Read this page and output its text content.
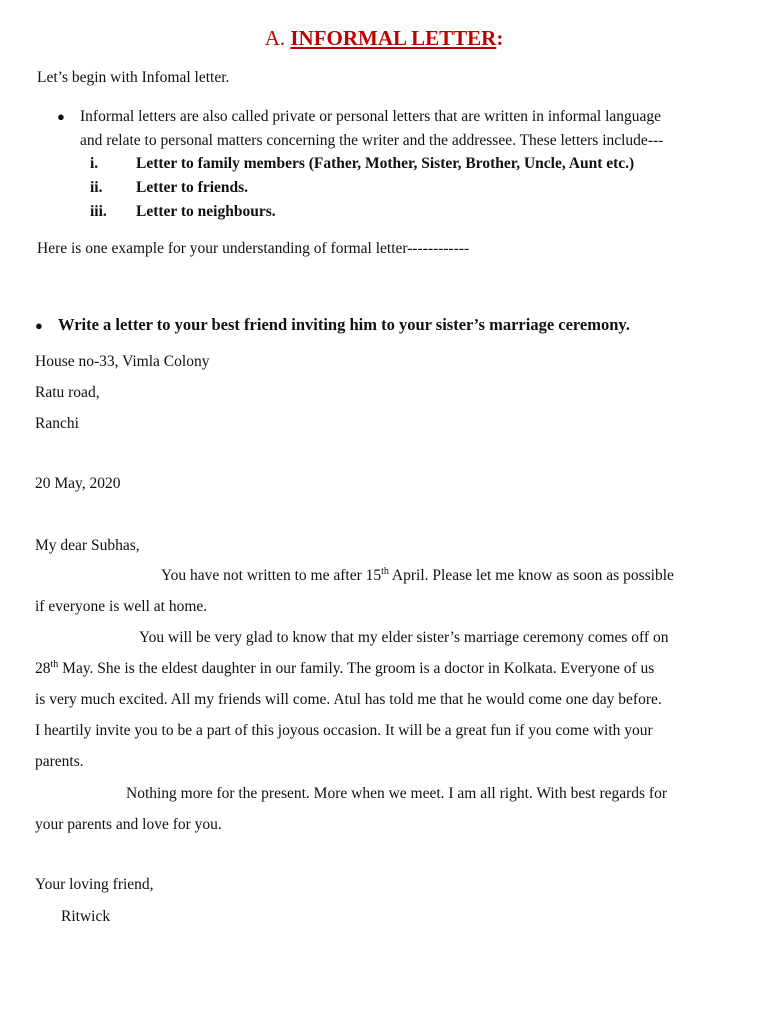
A. INFORMAL LETTER:
Let’s begin with Infomal letter.
● Informal letters are also called private or personal letters that are written in informal language
and relate to personal matters concerning the writer and the addressee. These letters include---
i. Letter to family members (Father, Mother, Sister, Brother, Uncle, Aunt etc.)
ii. Letter to friends.
iii. Letter to neighbours.
Here is one example for your understanding of formal letter------------
● Write a letter to your best friend inviting him to your sister’s marriage ceremony.
House no-33, Vimla Colony
Ratu road,
Ranchi
20 May, 2020
My dear Subhas,
You have not written to me after 15th April. Please let me know as soon as possible
if everyone is well at home.
You will be very glad to know that my elder sister’s marriage ceremony comes off on
28th May. She is the eldest daughter in our family. The groom is a doctor in Kolkata. Everyone of us
is very much excited. All my friends will come. Atul has told me that he would come one day before.
I heartily invite you to be a part of this joyous occasion. It will be a great fun if you come with your
parents.
Nothing more for the present. More when we meet. I am all right. With best regards for
your parents and love for you.
Your loving friend,
Ritwick
